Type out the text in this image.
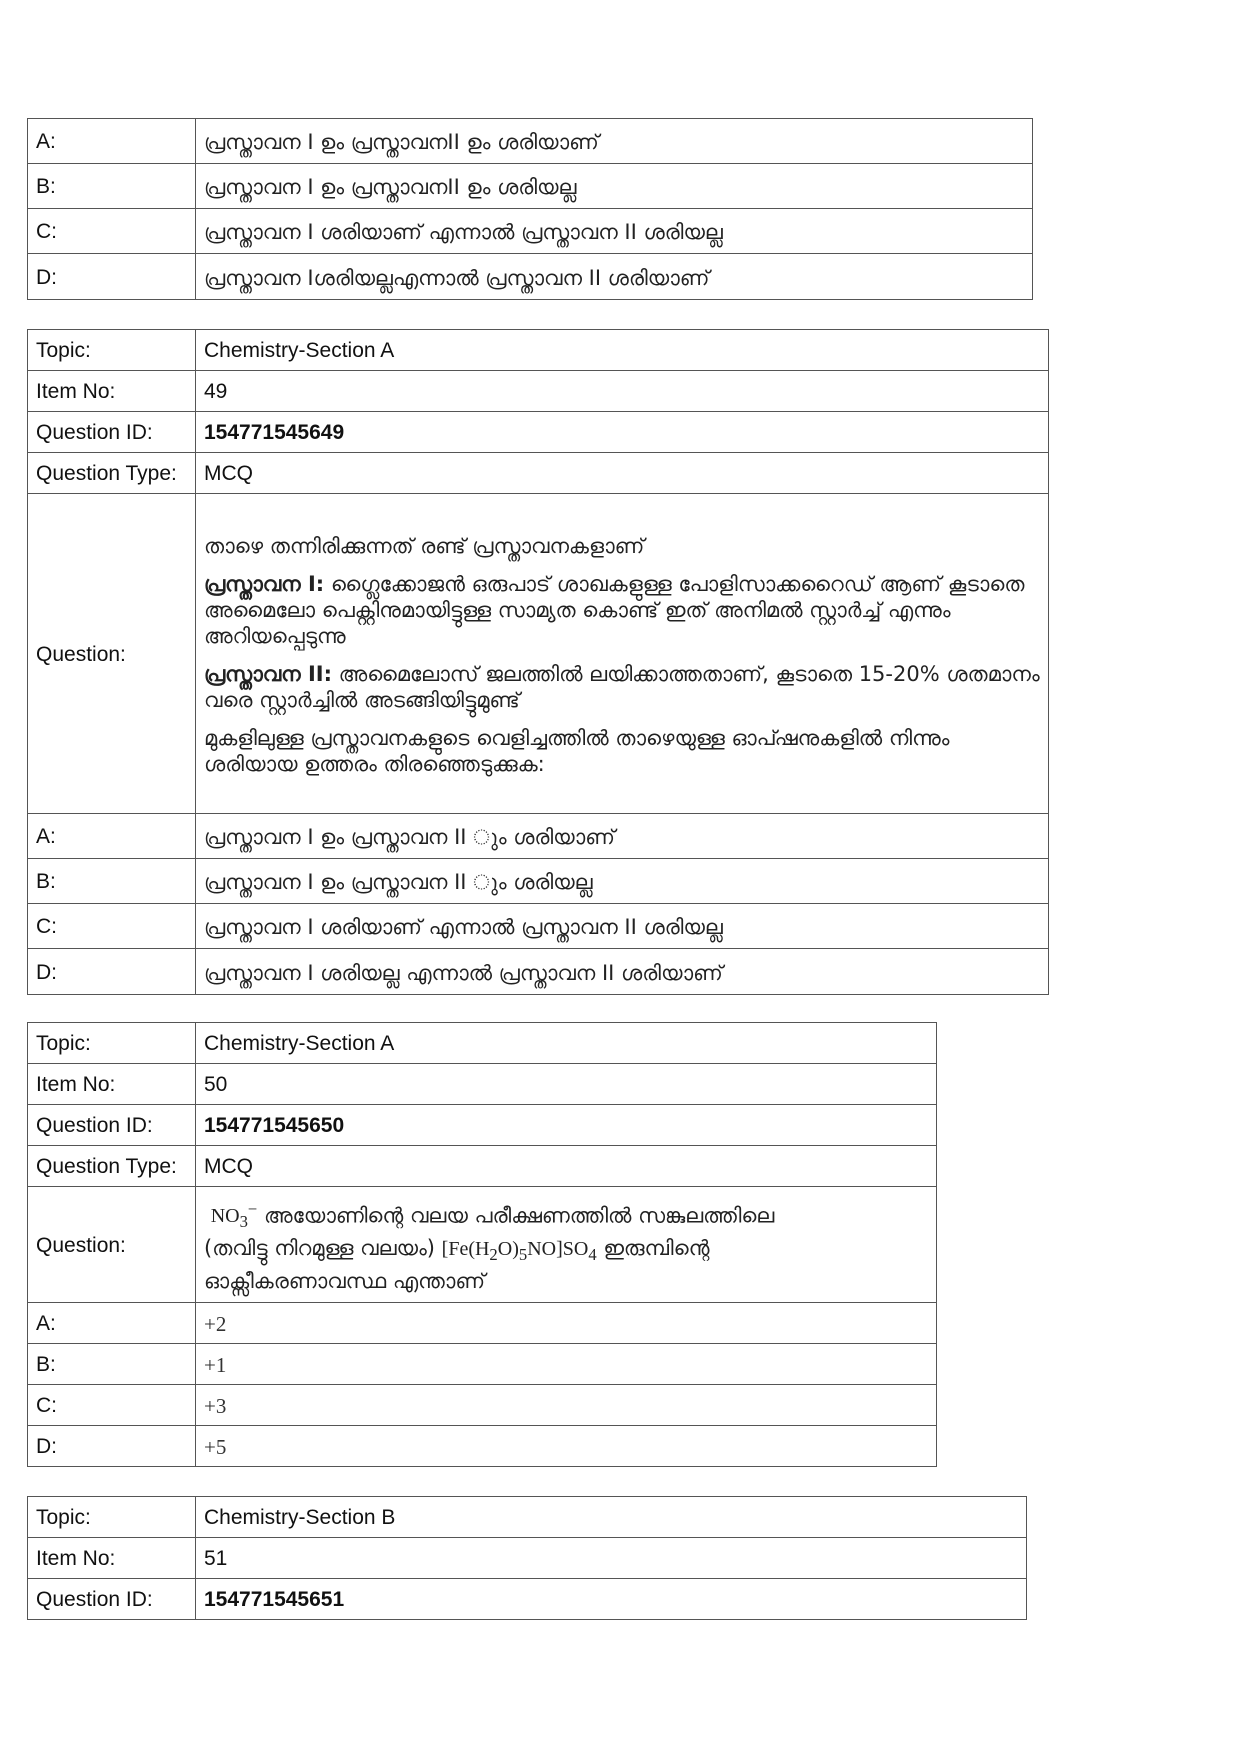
A:	പ്രസ്താവന I ഉം പ്രസ്താവനII ഉം ശരിയാണ്
B:	പ്രസ്താവന I ഉം പ്രസ്താവനII ഉം ശരിയല്ല
C:	പ്രസ്താവന I ശരിയാണ് എന്നാൽ പ്രസ്താവന II ശരിയല്ല
D:	പ്രസ്താവന Iശരിയല്ലഎന്നാൽ പ്രസ്താവന II ശരിയാണ്
Topic:	Chemistry-Section A
Item No:	49
Question ID:	154771545649
Question Type:	MCQ
Question:	താഴെ തന്നിരിക്കുന്നത് രണ്ട് പ്രസ്താവനകളാണ്
പ്രസ്താവന I: ഗ്ലൈക്കോജൻ ഒരുപാട് ശാഖകളുള്ള പോളിസാക്കറൈഡ് ആണ് കൂടാതെ അമൈലോ പെക്റ്റിനുമായിട്ടുള്ള സാമ്യത കൊണ്ട് ഇത് അനിമൽ സ്റ്റാർച്ച് എന്നും അറിയപ്പെടുന്നു
പ്രസ്താവന II: അമൈലോസ് ജലത്തിൽ ലയിക്കാത്തതാണ്, കൂടാതെ 15-20% ശതമാനം വരെ സ്റ്റാർച്ചിൽ അടങ്ങിയിട്ടുമുണ്ട്
മുകളിലുള്ള പ്രസ്താവനകളുടെ വെളിച്ചത്തിൽ താഴെയുള്ള ഓപ്ഷനുകളിൽ നിന്നും ശരിയായ ഉത്തരം തിരഞ്ഞെടുക്കുക:

A:	പ്രസ്താവന I ഉം പ്രസ്താവന II ും ശരിയാണ്
B:	പ്രസ്താവന I ഉം പ്രസ്താവന II ും ശരിയല്ല
C:	പ്രസ്താവന I ശരിയാണ് എന്നാൽ പ്രസ്താവന II ശരിയല്ല
D:	പ്രസ്താവന I ശരിയല്ല എന്നാൽ പ്രസ്താവന II ശരിയാണ്
Topic:	Chemistry-Section A
Item No:	50
Question ID:	154771545650
Question Type:	MCQ
Question:	$NO_3^-$ അയോണിന്റെ വലയ പരീക്ഷണത്തിൽ സങ്കുലത്തിലെ
(തവിട്ടു നിറമുള്ള വലയം) $[Fe(H_2O)_5NO]SO_4$ ഇരുമ്പിന്റെ
ഓക്സീകരണാവസ്ഥ എന്താണ്

A:	+2
B:	+1
C:	+3
D:	+5
Topic:	Chemistry-Section B
Item No:	51
Question ID:	154771545651
